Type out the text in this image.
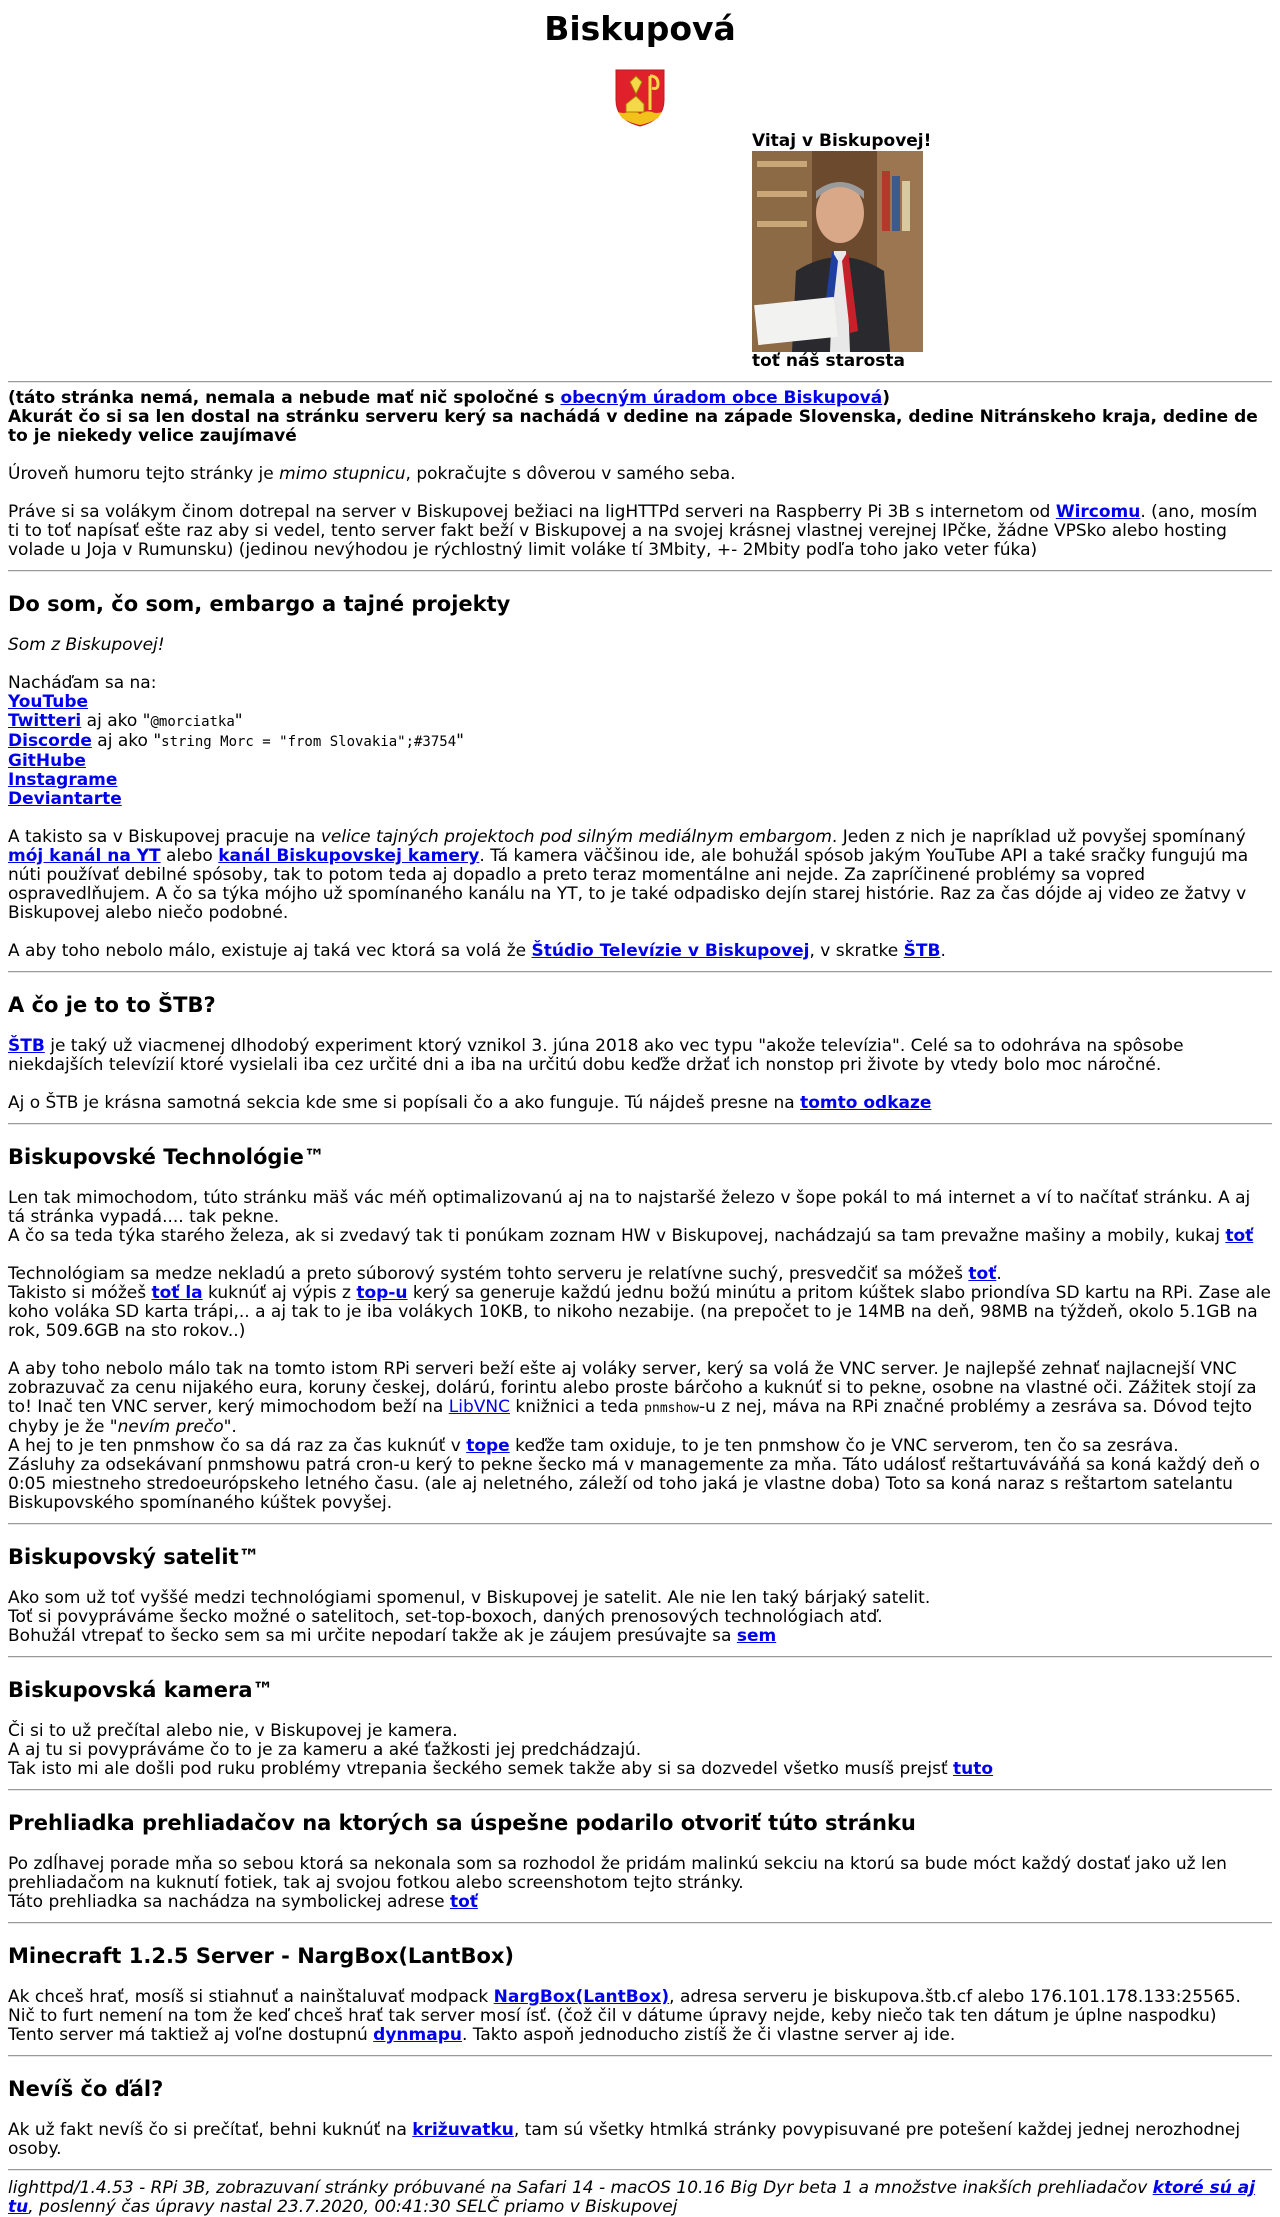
Biskupová
Vitaj v Biskupovej!
toť náš starosta

(táto stránka nemá, nemala a nebude mať nič spoločné s obecným úradom obce Biskupová)

Akurát čo si sa len dostal na stránku serveru kerý sa nachádá v dedine na západe Slovenska, dedine Nitránskeho kraja, dedine de to je niekedy velice zaujímavé

Úroveň humoru tejto stránky je mimo stupnicu, pokračujte s dôverou v samého seba.

Práve si sa volákym činom dotrepal na server v Biskupovej bežiaci na ligHTTPd serveri na Raspberry Pi 3B s internetom od Wircomu. (ano, mosím ti to toť napísať ešte raz aby si vedel, tento server fakt beží v Biskupovej a na svojej krásnej vlastnej verejnej IPčke, žádne VPSko alebo hosting volade u Joja v Rumunsku) (jedinou nevýhodou je rýchlostný limit voláke tí 3Mbity, +- 2Mbity podľa toho jako veter fúka)

Do som, čo som, embargo a tajné projekty

Som z Biskupovej!

Nacháďam sa na:

YouTube

Twitteri aj ako "@morciatka"

Discorde aj ako "string Morc = "from Slovakia";#3754"

GitHube

Instagrame

Deviantarte

A takisto sa v Biskupovej pracuje na velice tajných projektoch pod silným mediálnym embargom. Jeden z nich je napríklad už povyšej spomínaný mój kanál na YT alebo kanál Biskupovskej kamery. Tá kamera väčšinou ide, ale bohužál spósob jakým YouTube API a také sračky fungujú ma núti používať debilné spósoby, tak to potom teda aj dopadlo a preto teraz momentálne ani nejde. Za zapríčinené problémy sa vopred ospravedlňujem. A čo sa týka mójho už spomínaného kanálu na YT, to je také odpadisko dejín starej histórie. Raz za čas dójde aj video ze žatvy v Biskupovej alebo niečo podobné.

A aby toho nebolo málo, existuje aj taká vec ktorá sa volá že Štúdio Televízie v Biskupovej, v skratke ŠTB.

A čo je to to ŠTB?

ŠTB je taký už viacmenej dlhodobý experiment ktorý vznikol 3. júna 2018 ako vec typu "akože televízia". Celé sa to odohráva na spôsobe niekdajších televízií ktoré vysielali iba cez určité dni a iba na určitú dobu keďže držať ich nonstop pri živote by vtedy bolo moc náročné.

Aj o ŠTB je krásna samotná sekcia kde sme si popísali čo a ako funguje. Tú nájdeš presne na tomto odkaze

Biskupovské Technológie™

Len tak mimochodom, túto stránku mäš vác méň optimalizovanú aj na to najstaršé železo v šope pokál to má internet a ví to načítať stránku. A aj tá stránka vypadá.... tak pekne.

A čo sa teda týka starého železa, ak si zvedavý tak ti ponúkam zoznam HW v Biskupovej, nachádzajú sa tam prevažne mašiny a mobily, kukaj toť

Technológiam sa medze nekladú a preto súborový systém tohto serveru je relatívne suchý, presvedčiť sa móžeš toť.

Takisto si móžeš toť la kuknúť aj výpis z top-u kerý sa generuje každú jednu božú minútu a pritom kúštek slabo priondíva SD kartu na RPi. Zase ale koho voláka SD karta trápi,.. a aj tak to je iba volákych 10KB, to nikoho nezabije. (na prepočet to je 14MB na deň, 98MB na týždeň, okolo 5.1GB na rok, 509.6GB na sto rokov..)

A aby toho nebolo málo tak na tomto istom RPi serveri beží ešte aj voláky server, kerý sa volá že VNC server. Je najlepšé zehnať najlacnejší VNC zobrazuvač za cenu nijakého eura, koruny českej, dolárú, forintu alebo proste bárčoho a kuknúť si to pekne, osobne na vlastné oči. Zážitek stojí za to! Inač ten VNC server, kerý mimochodom beží na LibVNC knižnici a teda pnmshow-u z nej, máva na RPi značné problémy a zesráva sa. Dóvod tejto chyby je že "nevím prečo".

A hej to je ten pnmshow čo sa dá raz za čas kuknúť v tope keďže tam oxiduje, to je ten pnmshow čo je VNC serverom, ten čo sa zesráva.

Zásluhy za odsekávaní pnmshowu patrá cron-u kerý to pekne šecko má v managemente za mňa. Táto událosť reštartuváváňá sa koná každý deň o 0:05 miestneho stredoeurópskeho letného času. (ale aj neletného, záleží od toho jaká je vlastne doba) Toto sa koná naraz s reštartom satelantu Biskupovského spomínaného kúštek povyšej.

Biskupovský satelit™

Ako som už toť vyššé medzi technológiami spomenul, v Biskupovej je satelit. Ale nie len taký bárjaký satelit.

Toť si povypráváme šecko možné o satelitoch, set-top-boxoch, daných prenosových technológiach atď.

Bohužál vtrepať to šecko sem sa mi určite nepodarí takže ak je záujem presúvajte sa sem

Biskupovská kamera™

Či si to už prečítal alebo nie, v Biskupovej je kamera.

A aj tu si povypráváme čo to je za kameru a aké ťažkosti jej predchádzajú.

Tak isto mi ale došli pod ruku problémy vtrepania šeckého semek takže aby si sa dozvedel všetko musíš prejsť tuto

Prehliadka prehliadačov na ktorých sa úspešne podarilo otvoriť túto stránku

Po zdĺhavej porade mňa so sebou ktorá sa nekonala som sa rozhodol že pridám malinkú sekciu na ktorú sa bude móct každý dostať jako už len prehliadačom na kuknutí fotiek, tak aj svojou fotkou alebo screenshotom tejto stránky.

Táto prehliadka sa nachádza na symbolickej adrese toť

Minecraft 1.2.5 Server - NargBox(LantBox)

Ak chceš hrať, mosíš si stiahnuť a nainštaluvať modpack NargBox(LantBox), adresa serveru je biskupova.štb.cf alebo 176.101.178.133:25565. Nič to furt nemení na tom že keď chceš hrať tak server mosí ísť. (čož čil v dátume úpravy nejde, keby niečo tak ten dátum je úplne naspodku)

Tento server má taktiež aj voľne dostupnú dynmapu. Takto aspoň jednoducho zistíš že či vlastne server aj ide.

Nevíš čo ďál?

Ak už fakt nevíš čo si prečítať, behni kuknúť na križuvatku, tam sú všetky htmlká stránky povypisuvané pre potešení každej jednej nerozhodnej osoby.

lighttpd/1.4.53 - RPi 3B, zobrazuvaní stránky próbuvané na Safari 14 - macOS 10.16 Big Dyr beta 1 a množstve inakších prehliadačov ktoré sú aj tu, poslenný čas úpravy nastal 23.7.2020, 00:41:30 SELČ priamo v Biskupovej
